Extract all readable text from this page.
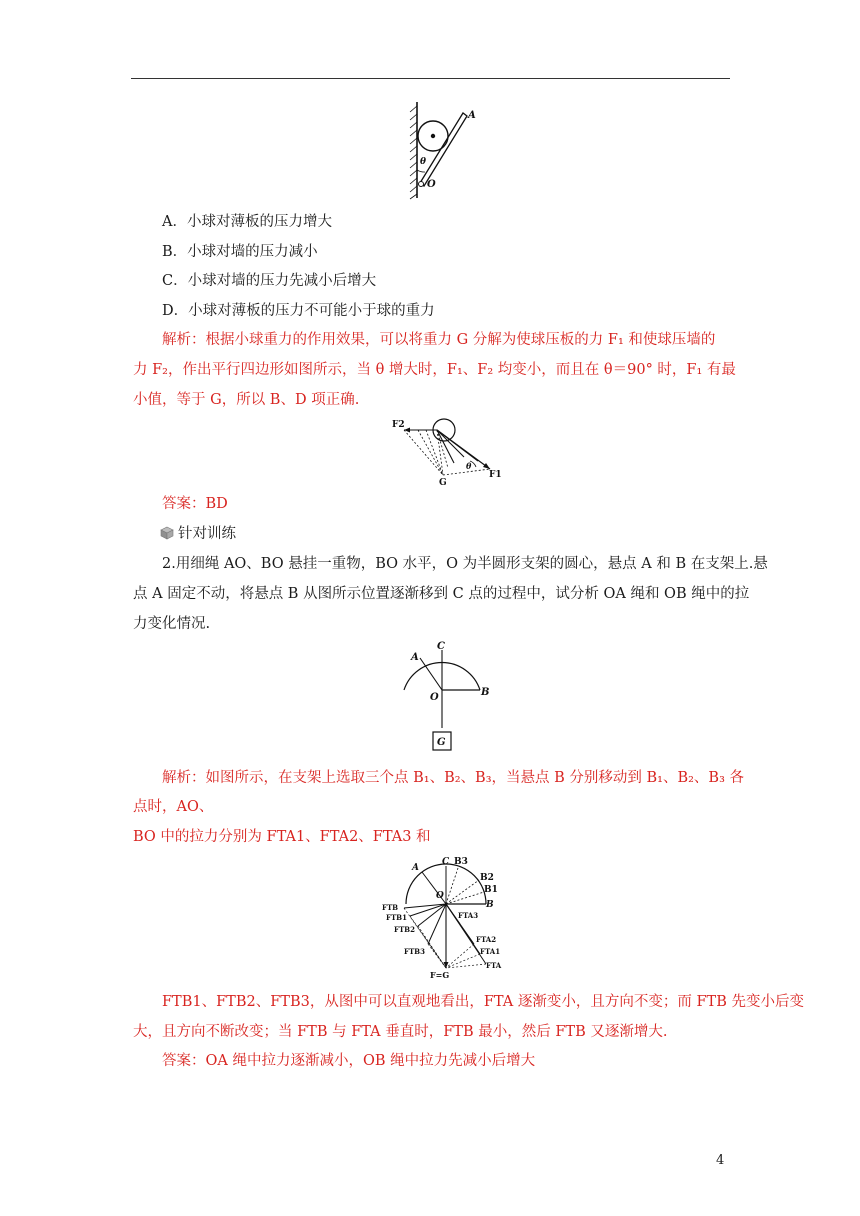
A
θ
O
A．小球对薄板的压力增大
B．小球对墙的压力减小
C．小球对墙的压力先减小后增大
D．小球对薄板的压力不可能小于球的重力
解析：根据小球重力的作用效果，可以将重力 G 分解为使球压板的力 F₁ 和使球压墙的
力 F₂，作出平行四边形如图所示，当 θ 增大时，F₁、F₂ 均变小，而且在 θ＝90° 时，F₁ 有最
小值，等于 G，所以 B、D 项正确.
F2
F1
G
θ
答案：BD
针对训练
2.用细绳 AO、BO 悬挂一重物，BO 水平，O 为半圆形支架的圆心，悬点 A 和 B 在支架上.悬
点 A 固定不动，将悬点 B 从图所示位置逐渐移到 C 点的过程中，试分析 OA 绳和 OB 绳中的拉
力变化情况.
A
C
O	B
G
解析：如图所示，在支架上选取三个点 B₁、B₂、B₃，当悬点 B 分别移动到 B₁、B₂、B₃ 各
点时，AO、
BO 中的拉力分别为 FTA1、FTA2、FTA3 和
A
C B3
B2
B1
B
O
FTB
FTB1
FTB2
FTB3
FTA3
FTA2
FTA1
FTA
F=G
FTB1、FTB2、FTB3，从图中可以直观地看出，FTA 逐渐变小，且方向不变；而 FTB 先变小后变
大，且方向不断改变；当 FTB 与 FTA 垂直时，FTB 最小，然后 FTB 又逐渐增大.
答案：OA 绳中拉力逐渐减小，OB 绳中拉力先减小后增大
4
